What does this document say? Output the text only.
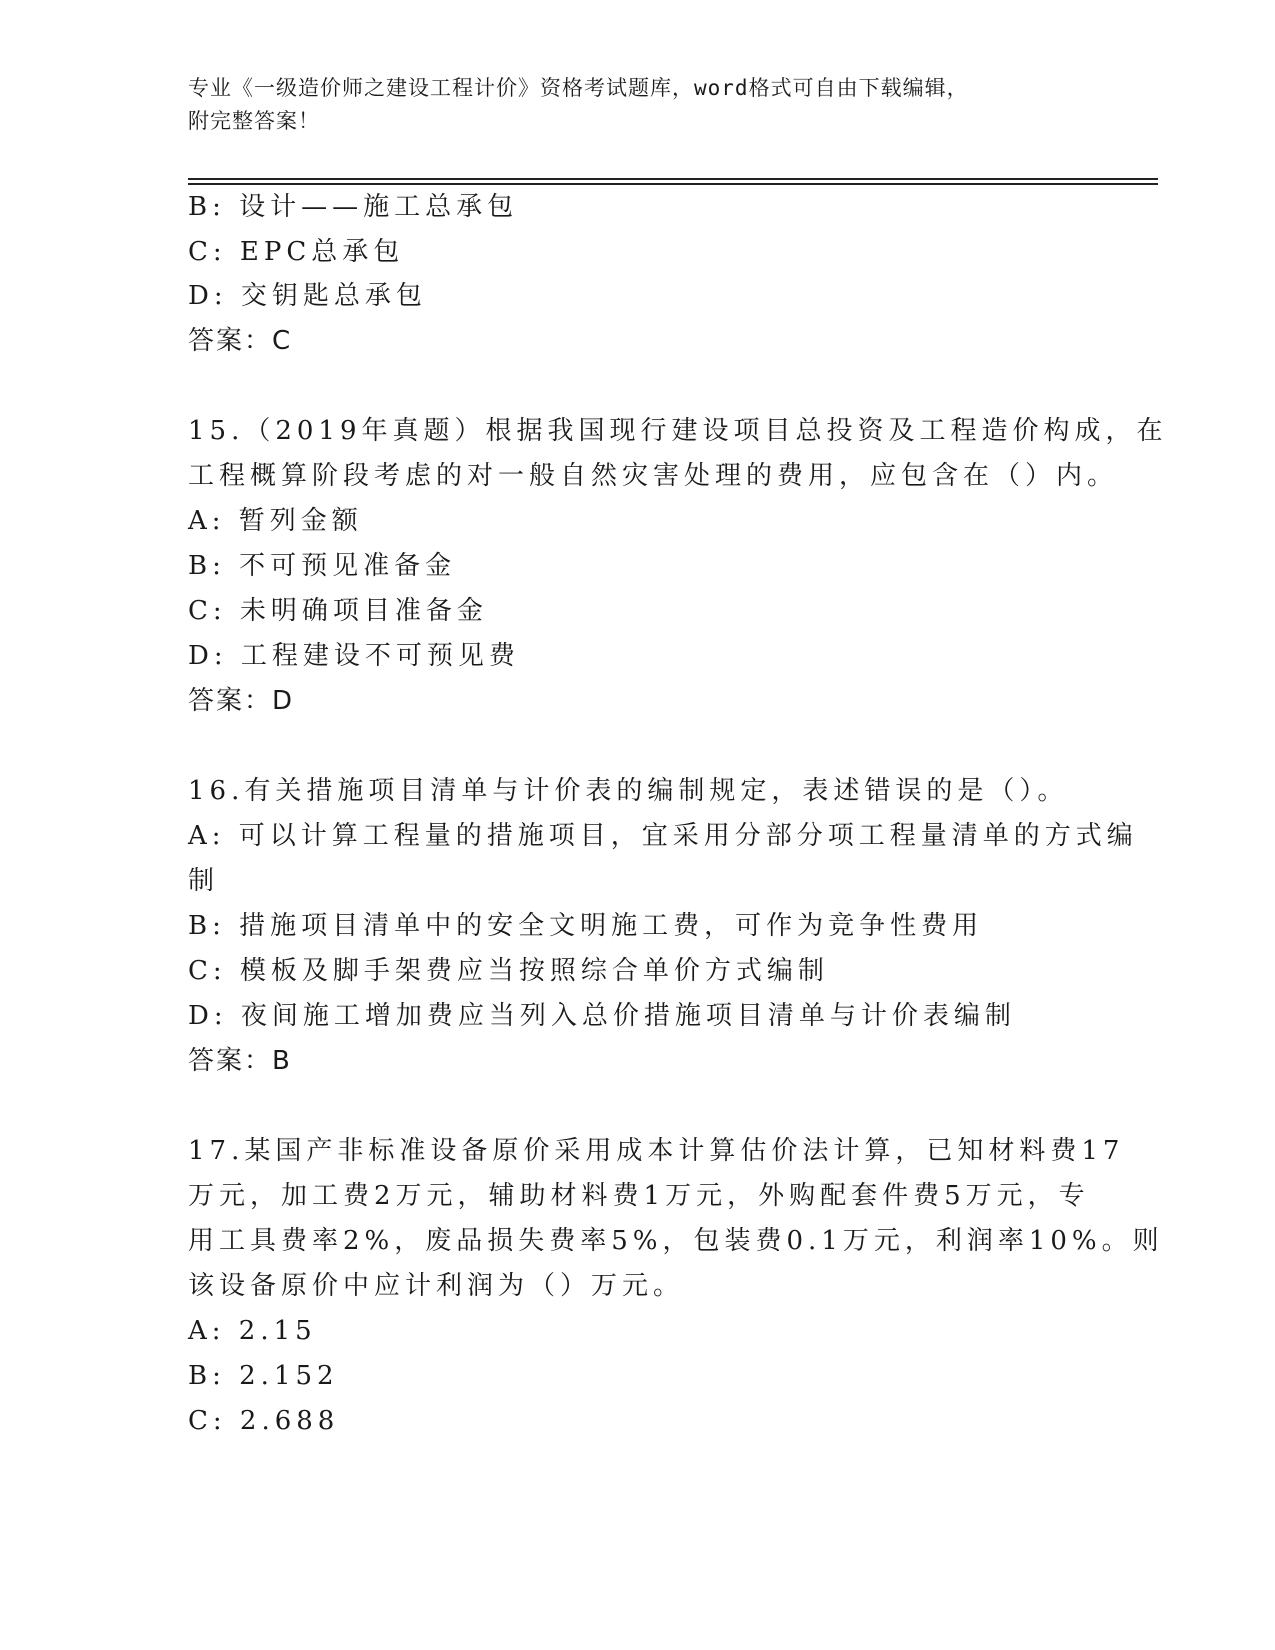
专业《一级造价师之建设工程计价》资格考试题库，word格式可自由下载编辑，
附完整答案！
B: 设计——施工总承包
C: EPC总承包
D: 交钥匙总承包
答案：C
15.（2019年真题）根据我国现行建设项目总投资及工程造价构成，在
工程概算阶段考虑的对一般自然灾害处理的费用，应包含在（）内。
A: 暂列金额
B: 不可预见准备金
C: 未明确项目准备金
D: 工程建设不可预见费
答案：D
16.有关措施项目清单与计价表的编制规定，表述错误的是（）。
A: 可以计算工程量的措施项目，宜采用分部分项工程量清单的方式编
制
B: 措施项目清单中的安全文明施工费，可作为竞争性费用
C: 模板及脚手架费应当按照综合单价方式编制
D: 夜间施工增加费应当列入总价措施项目清单与计价表编制
答案：B
17.某国产非标准设备原价采用成本计算估价法计算，已知材料费17
万元，加工费2万元，辅助材料费1万元，外购配套件费5万元，专
用工具费率2%，废品损失费率5%，包装费0.1万元，利润率10%。则
该设备原价中应计利润为（）万元。
A: 2.15
B: 2.152
C: 2.688
